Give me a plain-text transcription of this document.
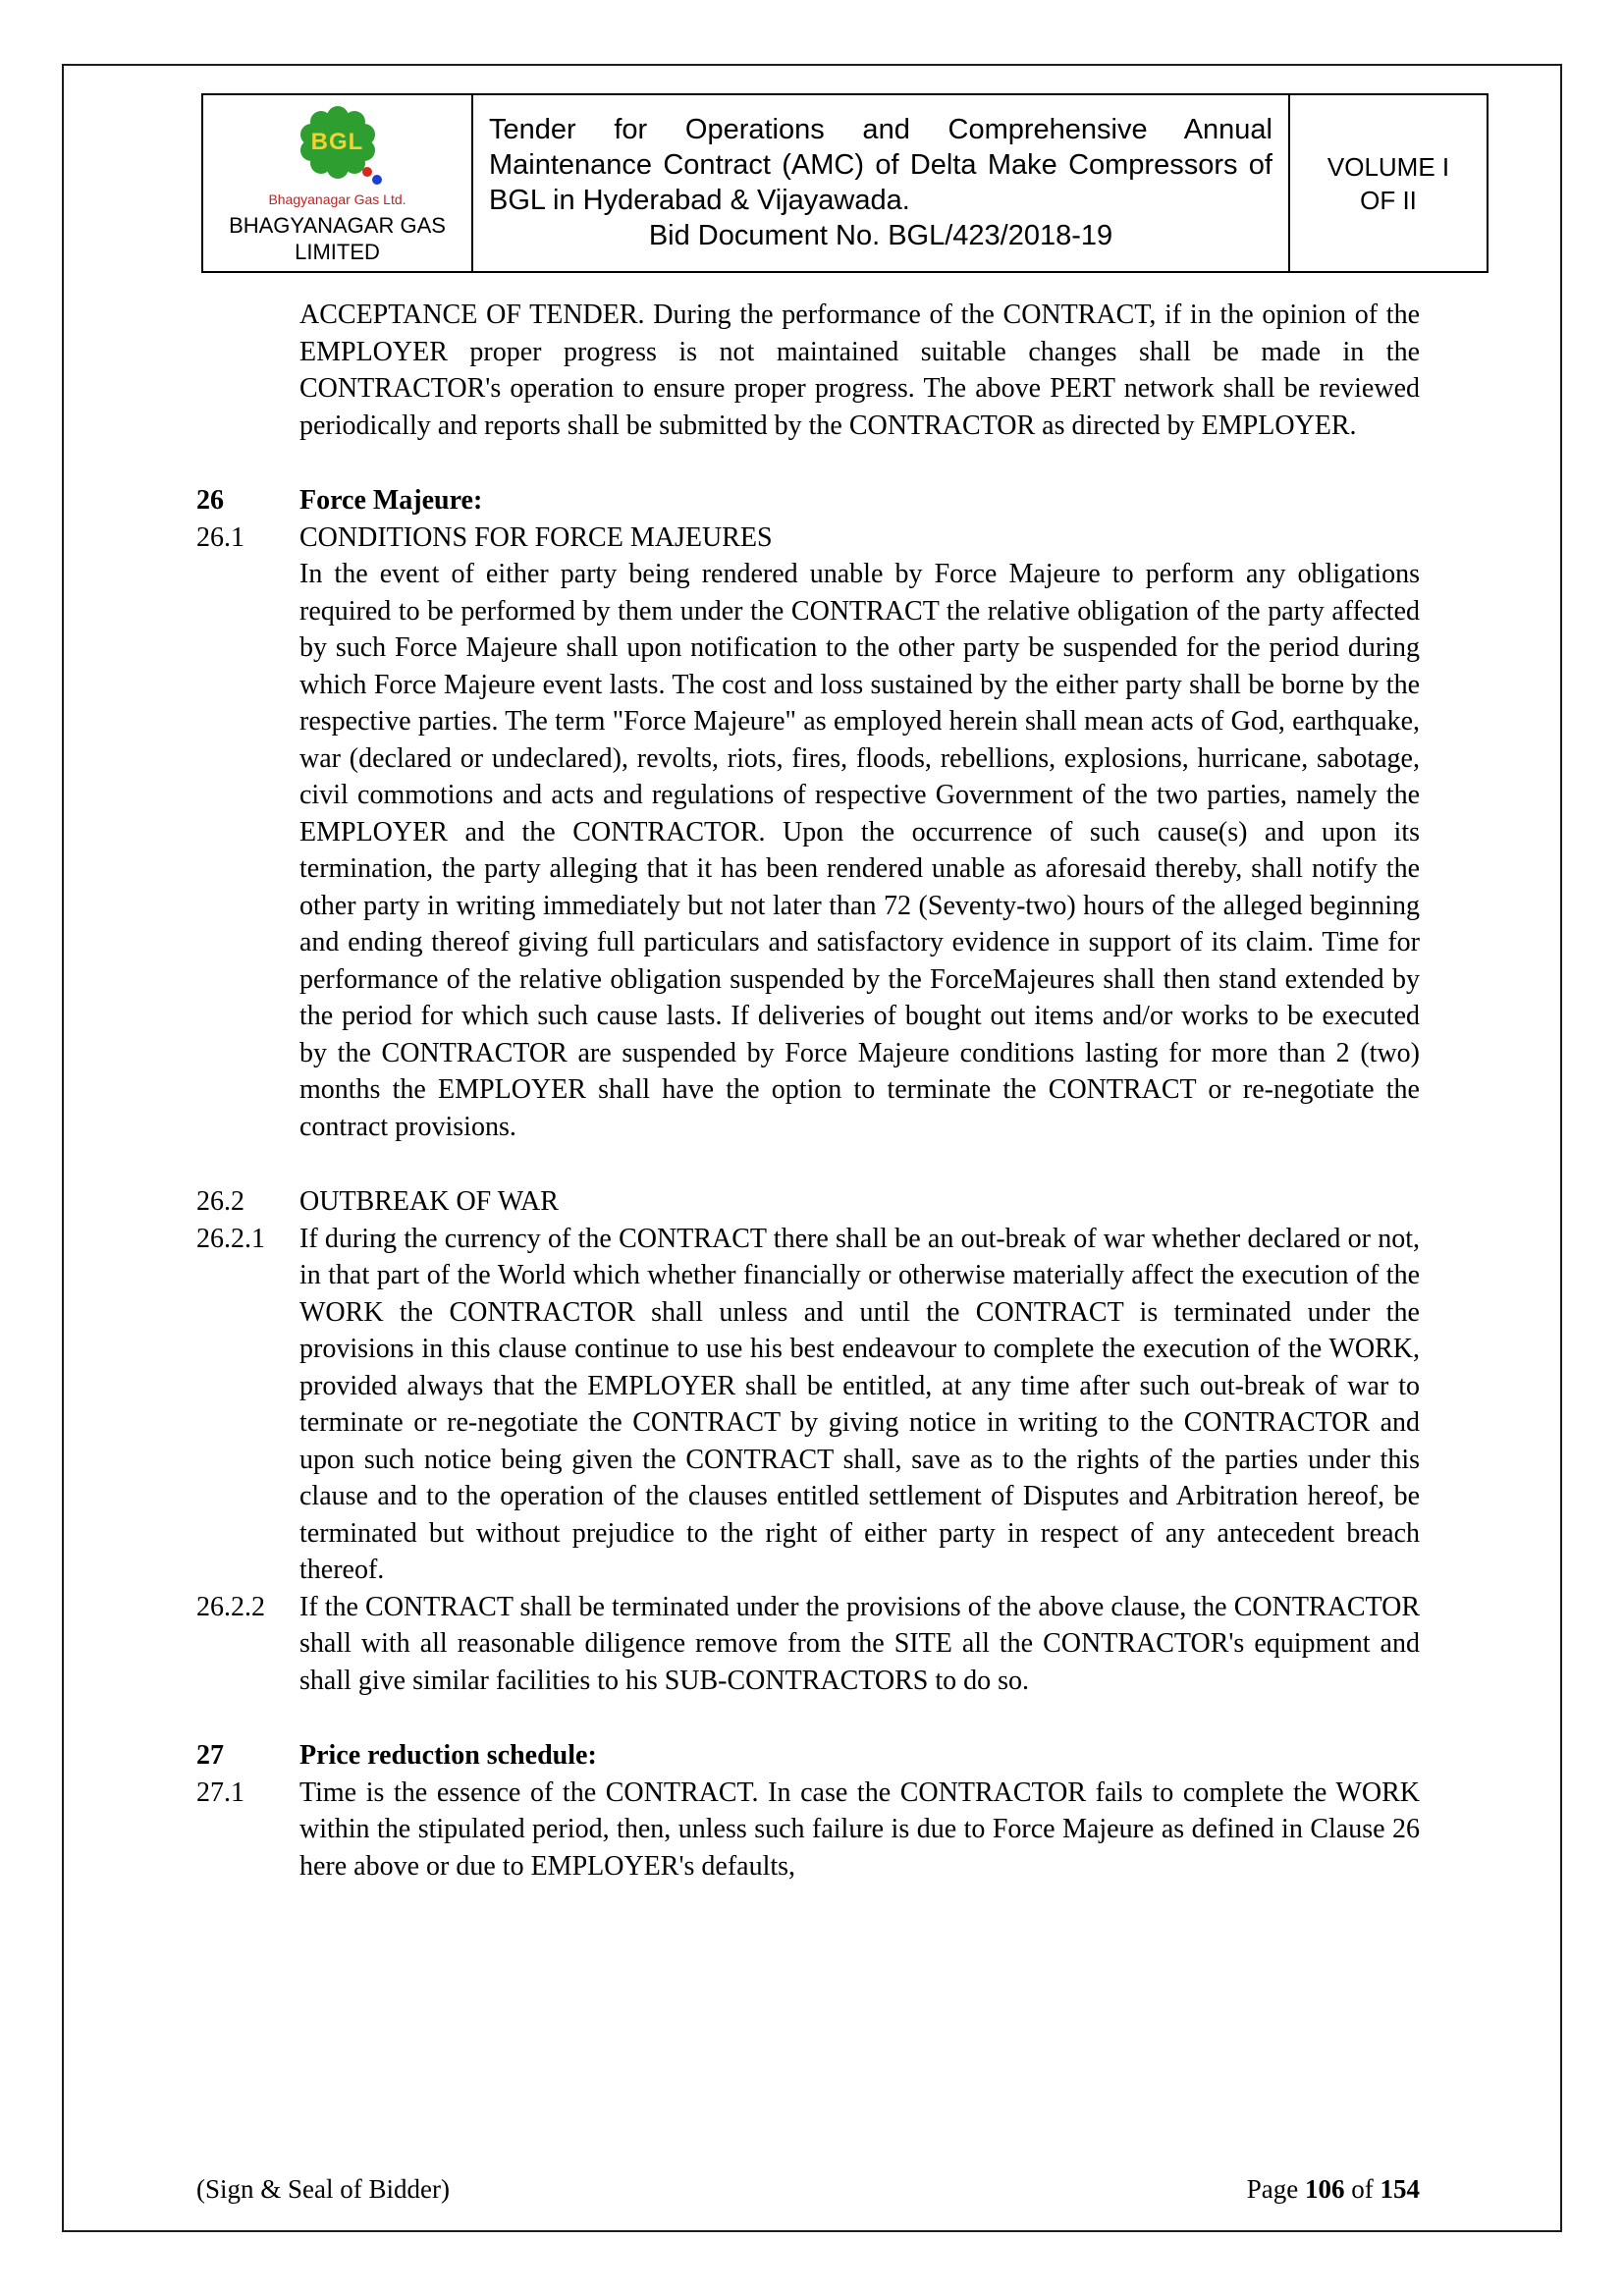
BGL
Bhagyanagar Gas Ltd.
BHAGYANAGAR GAS
LIMITED

Tender for Operations and Comprehensive Annual Maintenance Contract (AMC) of Delta Make Compressors of BGL in Hyderabad & Vijayawada.
Bid Document No. BGL/423/2018-19

VOLUME I
OF II

ACCEPTANCE OF TENDER. During the performance of the CONTRACT, if in the opinion of the EMPLOYER proper progress is not maintained suitable changes shall be made in the CONTRACTOR's operation to ensure proper progress. The above PERT network shall be reviewed periodically and reports shall be submitted by the CONTRACTOR as directed by EMPLOYER.

26	Force Majeure:
26.1	CONDITIONS FOR FORCE MAJEURES

In the event of either party being rendered unable by Force Majeure to perform any obligations required to be performed by them under the CONTRACT the relative obligation of the party affected by such Force Majeure shall upon notification to the other party be suspended for the period during which Force Majeure event lasts. The cost and loss sustained by the either party shall be borne by the respective parties. The term "Force Majeure" as employed herein shall mean acts of God, earthquake, war (declared or undeclared), revolts, riots, fires, floods, rebellions, explosions, hurricane, sabotage, civil commotions and acts and regulations of respective Government of the two parties, namely the EMPLOYER and the CONTRACTOR. Upon the occurrence of such cause(s) and upon its termination, the party alleging that it has been rendered unable as aforesaid thereby, shall notify the other party in writing immediately but not later than 72 (Seventy-two) hours of the alleged beginning and ending thereof giving full particulars and satisfactory evidence in support of its claim. Time for performance of the relative obligation suspended by the ForceMajeures shall then stand extended by the period for which such cause lasts. If deliveries of bought out items and/or works to be executed by the CONTRACTOR are suspended by Force Majeure conditions lasting for more than 2 (two) months the EMPLOYER shall have the option to terminate the CONTRACT or re-negotiate the contract provisions.

26.2	OUTBREAK OF WAR
26.2.1	If during the currency of the CONTRACT there shall be an out-break of war whether declared or not, in that part of the World which whether financially or otherwise materially affect the execution of the WORK the CONTRACTOR shall unless and until the CONTRACT is terminated under the provisions in this clause continue to use his best endeavour to complete the execution of the WORK, provided always that the EMPLOYER shall be entitled, at any time after such out-break of war to terminate or re-negotiate the CONTRACT by giving notice in writing to the CONTRACTOR and upon such notice being given the CONTRACT shall, save as to the rights of the parties under this clause and to the operation of the clauses entitled settlement of Disputes and Arbitration hereof, be terminated but without prejudice to the right of either party in respect of any antecedent breach thereof.
26.2.2	If the CONTRACT shall be terminated under the provisions of the above clause, the CONTRACTOR shall with all reasonable diligence remove from the SITE all the CONTRACTOR's equipment and shall give similar facilities to his SUB-CONTRACTORS to do so.
27	Price reduction schedule:
27.1	Time is the essence of the CONTRACT. In case the CONTRACTOR fails to complete the WORK within the stipulated period, then, unless such failure is due to Force Majeure as defined in Clause 26 here above or due to EMPLOYER's defaults,
(Sign & Seal of Bidder)	Page 106 of 154
